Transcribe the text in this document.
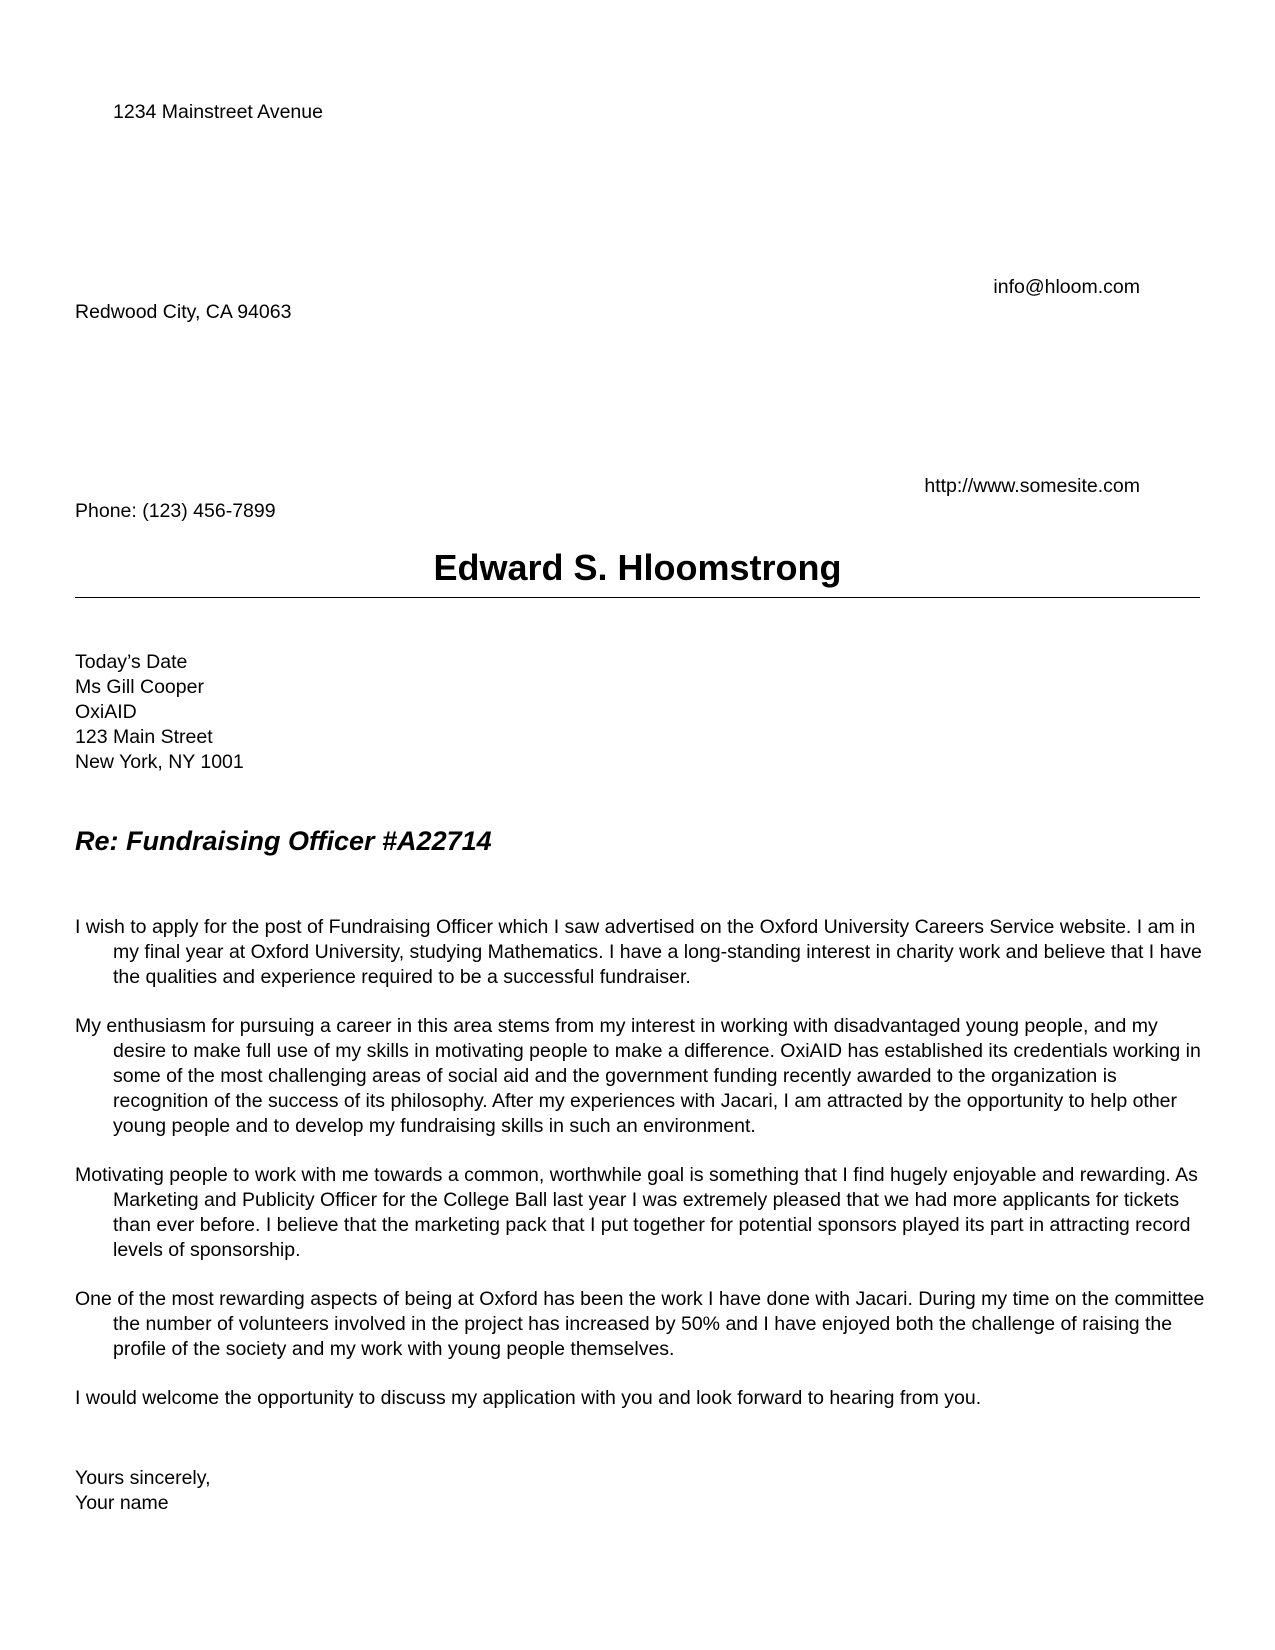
1234 Mainstreet Avenue
info@hloom.com
Redwood City, CA 94063
http://www.somesite.com
Phone: (123) 456-7899
Edward S. Hloomstrong
Today’s Date
Ms Gill Cooper
OxiAID
123 Main Street
New York, NY 1001
Re: Fundraising Officer #A22714

I wish to apply for the post of Fundraising Officer which I saw advertised on the Oxford University Careers Service website. I am in my final year at Oxford University, studying Mathematics. I have a long-standing interest in charity work and believe that I have the qualities and experience required to be a successful fundraiser.

My enthusiasm for pursuing a career in this area stems from my interest in working with disadvantaged young people, and my desire to make full use of my skills in motivating people to make a difference. OxiAID has established its credentials working in some of the most challenging areas of social aid and the government funding recently awarded to the organization is recognition of the success of its philosophy. After my experiences with Jacari, I am attracted by the opportunity to help other young people and to develop my fundraising skills in such an environment.

Motivating people to work with me towards a common, worthwhile goal is something that I find hugely enjoyable and rewarding. As Marketing and Publicity Officer for the College Ball last year I was extremely pleased that we had more applicants for tickets than ever before. I believe that the marketing pack that I put together for potential sponsors played its part in attracting record levels of sponsorship.

One of the most rewarding aspects of being at Oxford has been the work I have done with Jacari. During my time on the committee the number of volunteers involved in the project has increased by 50% and I have enjoyed both the challenge of raising the profile of the society and my work with young people themselves.

I would welcome the opportunity to discuss my application with you and look forward to hearing from you.

Yours sincerely,
Your name
